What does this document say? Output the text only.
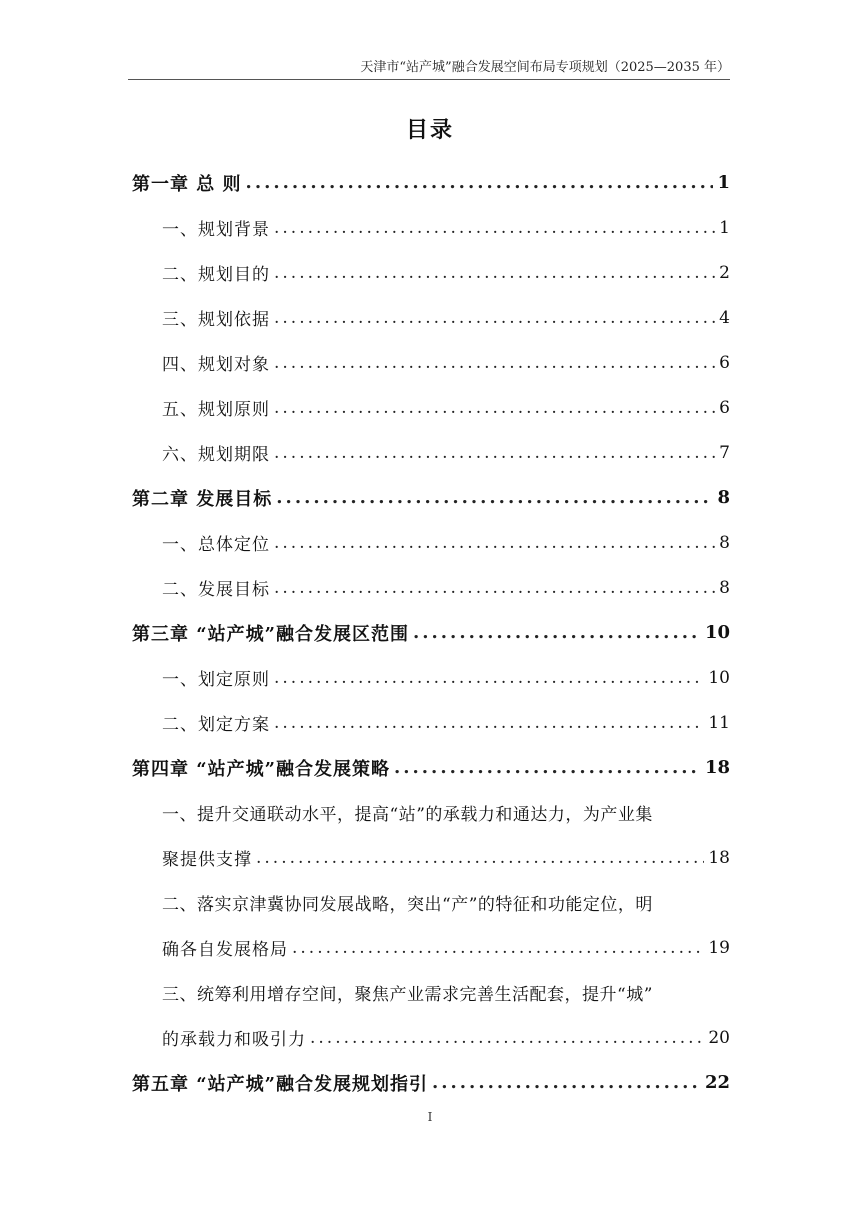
天津市“站产城”融合发展空间布局专项规划（2025—2035 年）
目录
第一章 总 则 .....	1
一、规划背景 .....	1
二、规划目的 .....	2
三、规划依据 .....	4
四、规划对象 .....	6
五、规划原则 .....	6
六、规划期限 .....	7
第二章 发展目标 .....	8
一、总体定位 .....	8
二、发展目标 .....	8
第三章 “站产城”融合发展区范围 .....	10
一、划定原则 .....	10
二、划定方案 .....	11
第四章 “站产城”融合发展策略 .....	18
一、提升交通联动水平，提高“站”的承载力和通达力，为产业集
聚提供支撑 .....	18
二、落实京津冀协同发展战略，突出“产”的特征和功能定位，明
确各自发展格局 .....	19
三、统筹利用增存空间，聚焦产业需求完善生活配套，提升“城”
的承载力和吸引力 .....	20
第五章 “站产城”融合发展规划指引 .....	22
I
